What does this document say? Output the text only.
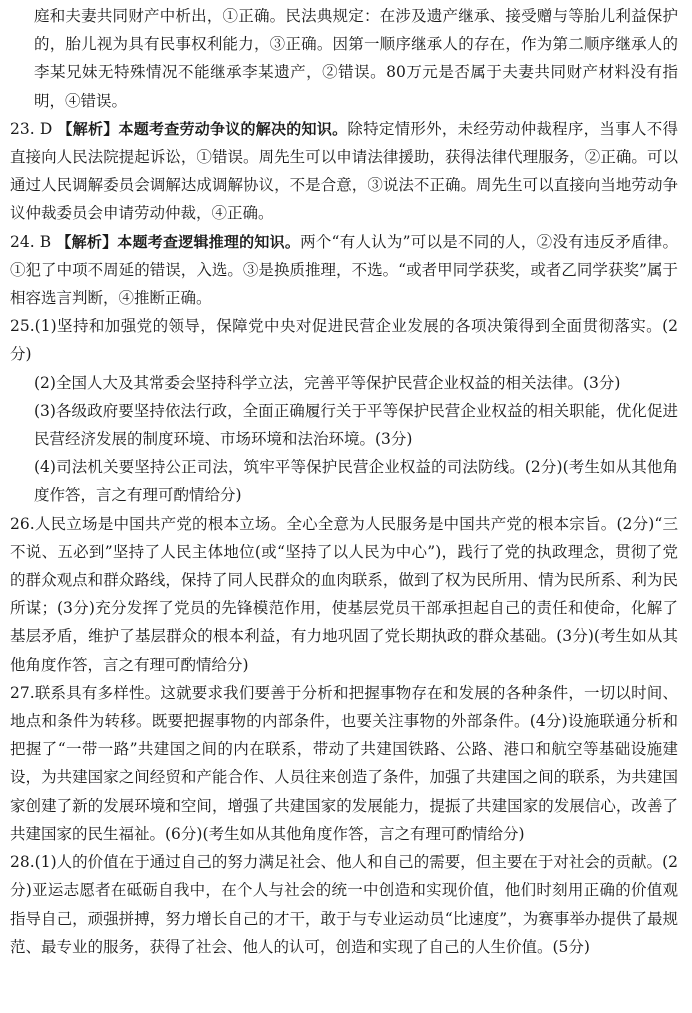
庭和夫妻共同财产中析出，①正确。民法典规定：在涉及遗产继承、接受赠与等胎儿利益保护的，胎儿视为具有民事权利能力，③正确。因第一顺序继承人的存在，作为第二顺序继承人的李某兄妹无特殊情况不能继承李某遗产，②错误。80万元是否属于夫妻共同财产材料没有指明，④错误。

23. D 【解析】本题考查劳动争议的解决的知识。除特定情形外，未经劳动仲裁程序，当事人不得直接向人民法院提起诉讼，①错误。周先生可以申请法律援助，获得法律代理服务，②正确。可以通过人民调解委员会调解达成调解协议，不是合意，③说法不正确。周先生可以直接向当地劳动争议仲裁委员会申请劳动仲裁，④正确。

24. B 【解析】本题考查逻辑推理的知识。两个“有人认为”可以是不同的人，②没有违反矛盾律。①犯了中项不周延的错误，入选。③是换质推理，不选。“或者甲同学获奖，或者乙同学获奖”属于相容选言判断，④推断正确。

25.(1)坚持和加强党的领导，保障党中央对促进民营企业发展的各项决策得到全面贯彻落实。(2分)

(2)全国人大及其常委会坚持科学立法，完善平等保护民营企业权益的相关法律。(3分)

(3)各级政府要坚持依法行政，全面正确履行关于平等保护民营企业权益的相关职能，优化促进民营经济发展的制度环境、市场环境和法治环境。(3分)

(4)司法机关要坚持公正司法，筑牢平等保护民营企业权益的司法防线。(2分)(考生如从其他角度作答，言之有理可酌情给分)

26.人民立场是中国共产党的根本立场。全心全意为人民服务是中国共产党的根本宗旨。(2分)“三不说、五必到”坚持了人民主体地位(或“坚持了以人民为中心”)，践行了党的执政理念，贯彻了党的群众观点和群众路线，保持了同人民群众的血肉联系，做到了权为民所用、情为民所系、利为民所谋；(3分)充分发挥了党员的先锋模范作用，使基层党员干部承担起自己的责任和使命，化解了基层矛盾，维护了基层群众的根本利益，有力地巩固了党长期执政的群众基础。(3分)(考生如从其他角度作答，言之有理可酌情给分)

27.联系具有多样性。这就要求我们要善于分析和把握事物存在和发展的各种条件，一切以时间、地点和条件为转移。既要把握事物的内部条件，也要关注事物的外部条件。(4分)设施联通分析和把握了“一带一路”共建国之间的内在联系，带动了共建国铁路、公路、港口和航空等基础设施建设，为共建国家之间经贸和产能合作、人员往来创造了条件，加强了共建国之间的联系，为共建国家创建了新的发展环境和空间，增强了共建国家的发展能力，提振了共建国家的发展信心，改善了共建国家的民生福祉。(6分)(考生如从其他角度作答，言之有理可酌情给分)

28.(1)人的价值在于通过自己的努力满足社会、他人和自己的需要，但主要在于对社会的贡献。(2分)亚运志愿者在砥砺自我中，在个人与社会的统一中创造和实现价值，他们时刻用正确的价值观指导自己，顽强拼搏，努力增长自己的才干，敢于与专业运动员“比速度”，为赛事举办提供了最规范、最专业的服务，获得了社会、他人的认可，创造和实现了自己的人生价值。(5分)
